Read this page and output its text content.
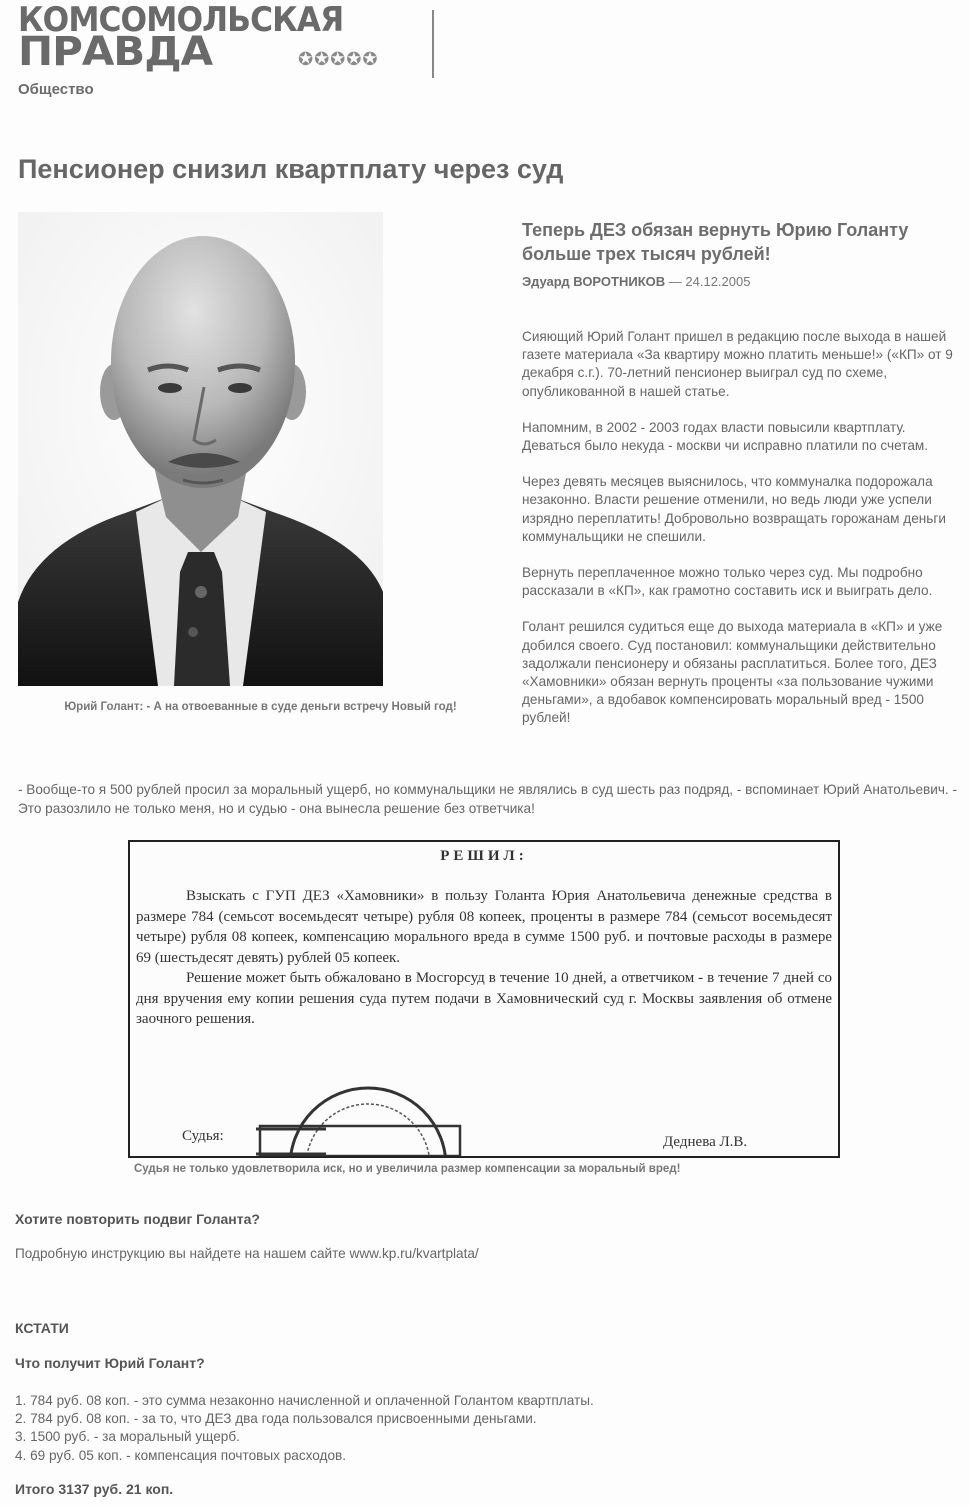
КОМСОМОЛЬСКАЯ
ПРАВДА	✪✪✪✪✪
Общество
Пенсионер снизил квартплату через суд
Юрий Голант: - А на отвоеванные в суде деньги встречу Новый год!
Теперь ДЕЗ обязан вернуть Юрию Голанту больше трех тысяч рублей!
Эдуард ВОРОТНИКОВ — 24.12.2005

Сияющий Юрий Голант пришел в редакцию после выхода в нашей газете материала «За квартиру можно платить меньше!» («КП» от 9 декабря с.г.). 70-летний пенсионер выиграл суд по схеме, опубликованной в нашей статье.

Напомним, в 2002 - 2003 годах власти повысили квартплату. Деваться было некуда - москви чи исправно платили по счетам.

Через девять месяцев выяснилось, что коммуналка подорожала незаконно. Власти решение отменили, но ведь люди уже успели изрядно переплатить! Добровольно возвращать горожанам деньги коммунальщики не спешили.

Вернуть переплаченное можно только через суд. Мы подробно рассказали в «КП», как грамотно составить иск и выиграть дело.

Голант решился судиться еще до выхода материала в «КП» и уже добился своего. Суд постановил: коммунальщики действительно задолжали пенсионеру и обязаны расплатиться. Более того, ДЕЗ «Хамовники» обязан вернуть проценты «за пользование чужими деньгами», а вдобавок компенсировать моральный вред - 1500 рублей!

- Вообще-то я 500 рублей просил за моральный ущерб, но коммунальщики не являлись в суд шесть раз подряд, - вспоминает Юрий Анатольевич. - Это разозлило не только меня, но и судью - она вынесла решение без ответчика!

РЕШИЛ:

Взыскать с ГУП ДЕЗ «Хамовники» в пользу Голанта Юрия Анатольевича денежные средства в размере 784 (семьсот восемьдесят четыре) рубля 08 копеек, проценты в размере 784 (семьсот восемьдесят четыре) рубля 08 копеек, компенсацию морального вреда в сумме 1500 руб. и почтовые расходы в размере 69 (шестьдесят девять) рублей 05 копеек.

Решение может быть обжаловано в Мосгорсуд в течение 10 дней, а ответчиком - в течение 7 дней со дня вручения ему копии решения суда путем подачи в Хамовнический суд г. Москвы заявления об отмене заочного решения.

Судья:	Деднева Л.В.
Судья не только удовлетворила иск, но и увеличила размер компенсации за моральный вред!
Хотите повторить подвиг Голанта?
Подробную инструкцию вы найдете на нашем сайте www.kp.ru/kvartplata/
КСТАТИ
Что получит Юрий Голант?
1. 784 руб. 08 коп. - это сумма незаконно начисленной и оплаченной Голантом квартплаты.
2. 784 руб. 08 коп. - за то, что ДЕЗ два года пользовался присвоенными деньгами.
3. 1500 руб. - за моральный ущерб.
4. 69 руб. 05 коп. - компенсация почтовых расходов.
Итого 3137 руб. 21 коп.
